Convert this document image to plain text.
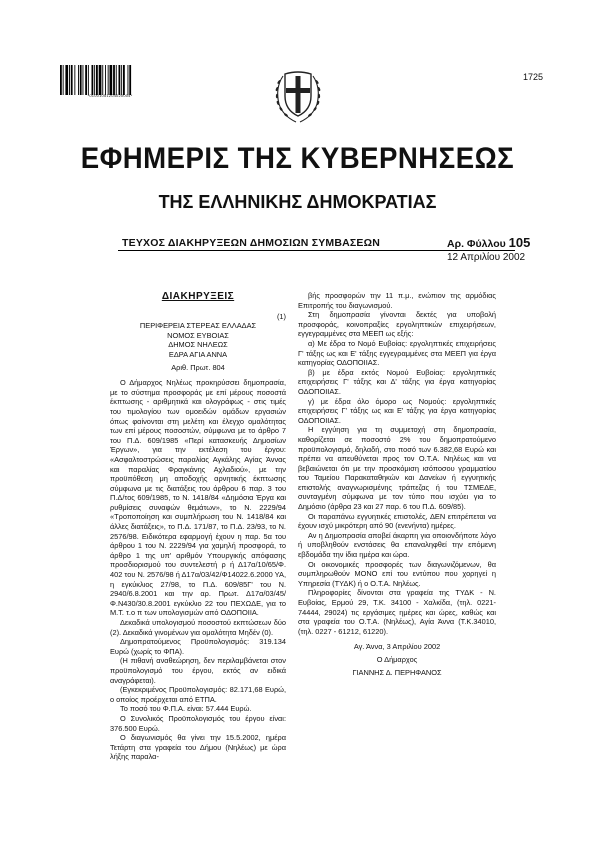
*01001051204020004*
1725
ΕΦΗΜΕΡΙΣ ΤΗΣ ΚΥΒΕΡΝΗΣΕΩΣ
ΤΗΣ ΕΛΛΗΝΙΚΗΣ ΔΗΜΟΚΡΑΤΙΑΣ
ΤΕΥΧΟΣ ΔΙΑΚΗΡΥΞΕΩΝ ΔΗΜΟΣΙΩΝ ΣΥΜΒΑΣΕΩΝ	Αρ. Φύλλου 105
12 Απριλίου 2002

ΔΙΑΚΗΡΥΞΕΙΣ

(1)

ΠΕΡΙΦΕΡΕΙΑ ΣΤΕΡΕΑΣ ΕΛΛΑΔΑΣ

ΝΟΜΟΣ ΕΥΒΟΙΑΣ

ΔΗΜΟΣ ΝΗΛΕΩΣ

ΕΔΡΑ ΑΓΙΑ ΑΝΝΑ

Αριθ. Πρωτ. 804

Ο Δήμαρχος Νηλέως προκηρύσσει δημοπρασία, με το σύστημα προσφοράς με επί μέρους ποσοστά έκπτωσης - αριθμητικά και ολογράφως - στις τιμές του τιμολογίου των ομοειδών ομάδων εργασιών όπως φαίνονται στη μελέτη και έλεγχο ομαλότητας των επί μέρους ποσοστών, σύμφωνα με το άρθρο 7 του Π.Δ. 609/1985 «Περί κατασκευής Δημοσίων Έργων», για την εκτέλεση του έργου: «Ασφαλτοστρώσεις παραλίας Αγκάλης Αγίας Άννας και παραλίας Φραγκάνης Αχλαδιού», με την προϋπόθεση μη αποδοχής αρνητικής έκπτωσης σύμφωνα με τις διατάξεις του άρθρου 6 παρ. 3 του Π.Δ/τος 609/1985, το Ν. 1418/84 «Δημόσια Έργα και ρυθμίσεις συναφών θεμάτων», το Ν. 2229/94 «Τροποποίηση και συμπλήρωση του Ν. 1418/84 και άλλες διατάξεις», το Π.Δ. 171/87, το Π.Δ. 23/93, το Ν. 2576/98. Ειδικότερα εφαρμογή έχουν η παρ. 5α του άρθρου 1 του Ν. 2229/94 για χαμηλή προσφορά, το άρθρο 1 της υπ' αριθμόν Υπουργικής απόφασης προσδιορισμού του συντελεστή ρ ή Δ17α/10/65/Φ. 402 του Ν. 2576/98 ή Δ17α/03/42/Φ14022.6.2000 ΥΑ, η εγκύκλιος 27/98, το Π.Δ. 609/85Γ' του Ν. 2940/6.8.2001 και την αρ. Πρωτ. Δ17α/03/45/Φ.Ν430/30.8.2001 εγκύκλιο 22 του ΠΕΧΩΔΕ, για το Μ.Τ. τ.ο π των υπολογισμών από ΟΔΟΠΟΙΙΑ.

Δεκαδικά υπολογισμού ποσοστού εκπτώσεων δύο (2). Δεκαδικά γινομένων για ομαλότητα Μηδέν (0).

Δημοπρατούμενος Προϋπολογισμός: 319.134 Ευρώ (χωρίς το ΦΠΑ).

(Η πιθανή αναθεώρηση, δεν περιλαμβάνεται στον προϋπολογισμό του έργου, εκτός αν ειδικά αναγράφεται).

(Εγκεκριμένος Προϋπολογισμός: 82.171,68 Ευρώ, ο οποίος προέρχεται από ΕΤΠΑ.

Το ποσό του Φ.Π.Α. είναι: 57.444 Ευρώ.

Ο Συνολικός Προϋπολογισμός του έργου είναι: 376.500 Ευρώ.

Ο διαγωνισμός θα γίνει την 15.5.2002, ημέρα Τετάρτη στα γραφεία του Δήμου (Νηλέως) με ώρα λήξης παραλα-

βής προσφορών την 11 π.μ., ενώπιον της αρμόδιας Επιτροπής του διαγωνισμού.

Στη δημοπρασία γίνονται δεκτές για υποβολή προσφοράς, κοινοπραξίες εργοληπτικών επιχειρήσεων, εγγεγραμμένες στα ΜΕΕΠ ως εξής:

α) Με έδρα το Νομό Ευβοίας: εργοληπτικές επιχειρήσεις Γ' τάξης ως και Ε' τάξης εγγεγραμμένες στα ΜΕΕΠ για έργα κατηγορίας ΟΔΟΠΟΙΙΑΣ.

β) με έδρα εκτός Νομού Ευβοίας: εργοληπτικές επιχειρήσεις Γ' τάξης και Δ' τάξης για έργα κατηγορίας ΟΔΟΠΟΙΙΑΣ.

γ) με έδρα όλο όμορο ως Νομούς: εργοληπτικές επιχειρήσεις Γ' τάξης ως και Ε' τάξης για έργα κατηγορίας ΟΔΟΠΟΙΙΑΣ.

Η εγγύηση για τη συμμετοχή στη δημοπρασία, καθορίζεται σε ποσοστό 2% του δημοπρατούμενο προϋπολογισμό, δηλαδή, στο ποσό των 6.382,68 Ευρώ και πρέπει να απευθύνεται προς τον Ο.Τ.Α. Νηλέως και να βεβαιώνεται ότι με την προσκόμιση ισόποσου γραμματίου του Ταμείου Παρακαταθηκών και Δανείων ή εγγυητικής επιστολής αναγνωρισμένης τράπεζας ή του ΤΣΜΕΔΕ, συνταγμένη σύμφωνα με τον τύπο που ισχύει για το Δημόσιο (άρθρα 23 και 27 παρ. 6 του Π.Δ. 609/85).

Οι παραπάνω εγγυητικές επιστολές, ΔΕΝ επιτρέπεται να έχουν ισχύ μικρότερη από 90 (ενενήντα) ημέρες.

Αν η Δημοπρασία αποβεί άκαρπη για οποιονδήποτε λόγο ή υποβληθούν ενστάσεις θα επαναληφθεί την επόμενη εβδομάδα την ίδια ημέρα και ώρα.

Οι οικονομικές προσφορές των διαγωνιζόμενων, θα συμπληρωθούν ΜΟΝΟ επί του εντύπου που χορηγεί η Υπηρεσία (ΤΥΔΚ) ή ο Ο.Τ.Α. Νηλέως.

Πληροφορίες δίνονται στα γραφεία της ΤΥΔΚ - Ν. Ευβοίας, Ερμού 29, Τ.Κ. 34100 - Χαλκίδα, (τηλ. 0221-74444, 29024) τις εργάσιμες ημέρες και ώρες, καθώς και στα γραφεία του Ο.Τ.Α. (Νηλέως), Αγία Άννα (Τ.Κ.34010, (τηλ. 0227 - 61212, 61220).

Αγ. Άννα, 3 Απριλίου 2002

Ο Δήμαρχος

ΓΙΑΝΝΗΣ Δ. ΠΕΡΗΦΑΝΟΣ
